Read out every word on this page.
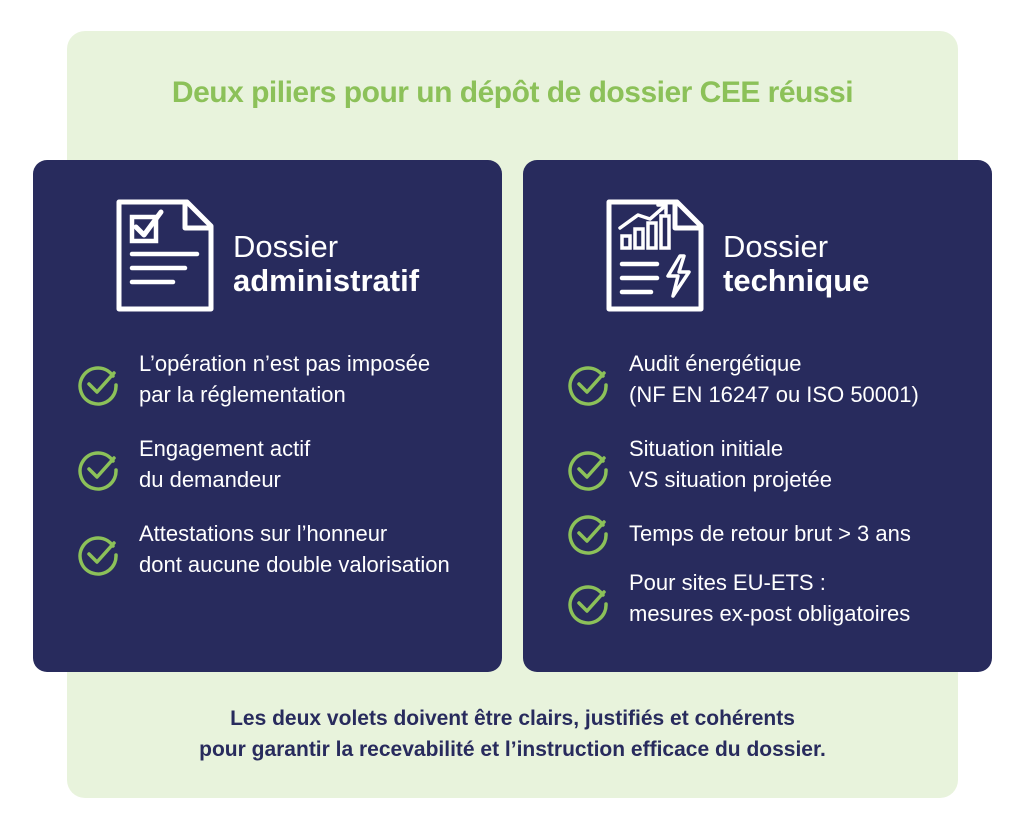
Deux piliers pour un dépôt de dossier CEE réussi
Dossier
administratif
L’opération n’est pas imposée
par la réglementation
Engagement actif
du demandeur
Attestations sur l’honneur
dont aucune double valorisation
Dossier
technique
Audit énergétique
(NF EN 16247 ou ISO 50001)
Situation initiale
VS situation projetée
Temps de retour brut > 3 ans
Pour sites EU-ETS :
mesures ex-post obligatoires

Les deux volets doivent être clairs, justifiés et cohérents
pour garantir la recevabilité et l’instruction efficace du dossier.
